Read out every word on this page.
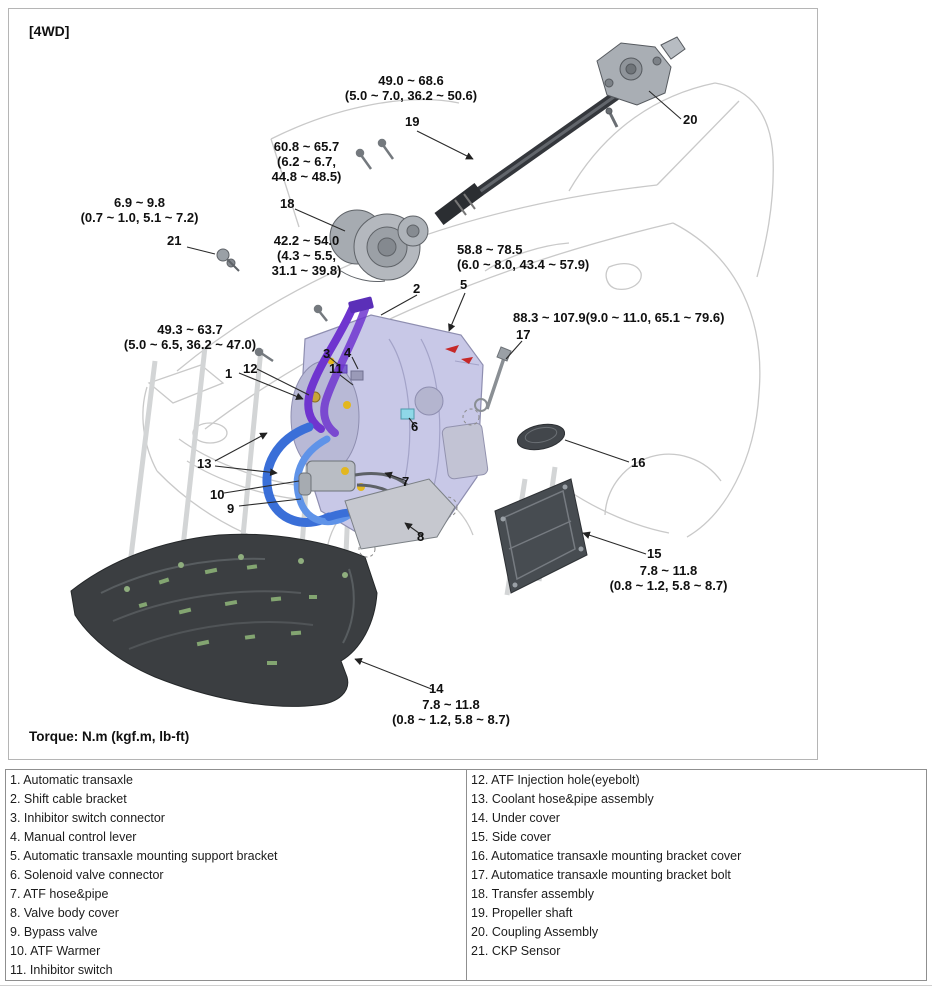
[4WD]
49.0 ~ 68.6
(5.0 ~ 7.0, 36.2 ~ 50.6)
60.8 ~ 65.7
(6.2 ~ 6.7,
44.8 ~ 48.5)
6.9 ~ 9.8
(0.7 ~ 1.0, 5.1 ~ 7.2)
42.2 ~ 54.0
(4.3 ~ 5.5,
31.1 ~ 39.8)
58.8 ~ 78.5
(6.0 ~ 8.0, 43.4 ~ 57.9)
88.3 ~ 107.9(9.0 ~ 11.0, 65.1 ~ 79.6)
49.3 ~ 63.7
(5.0 ~ 6.5, 36.2 ~ 47.0)
7.8 ~ 11.8
(0.8 ~ 1.2, 5.8 ~ 8.7)
7.8 ~ 11.8
(0.8 ~ 1.2, 5.8 ~ 8.7)
1
2
3 4
5
6
7
8
9
10
11
12
13
14
15
16
17
18
19	20
21
Torque: N.m (kgf.m, lb-ft)
1. Automatic transaxle
2. Shift cable bracket
3. Inhibitor switch connector
4. Manual control lever
5. Automatic transaxle mounting support bracket
6. Solenoid valve connector
7. ATF hose&pipe
8. Valve body cover
9. Bypass valve
10. ATF Warmer
11. Inhibitor switch
12. ATF Injection hole(eyebolt)
13. Coolant hose&pipe assembly
14. Under cover
15. Side cover
16. Automatice transaxle mounting bracket cover
17. Automatice transaxle mounting bracket bolt
18. Transfer assembly
19. Propeller shaft
20. Coupling Assembly
21. CKP Sensor
